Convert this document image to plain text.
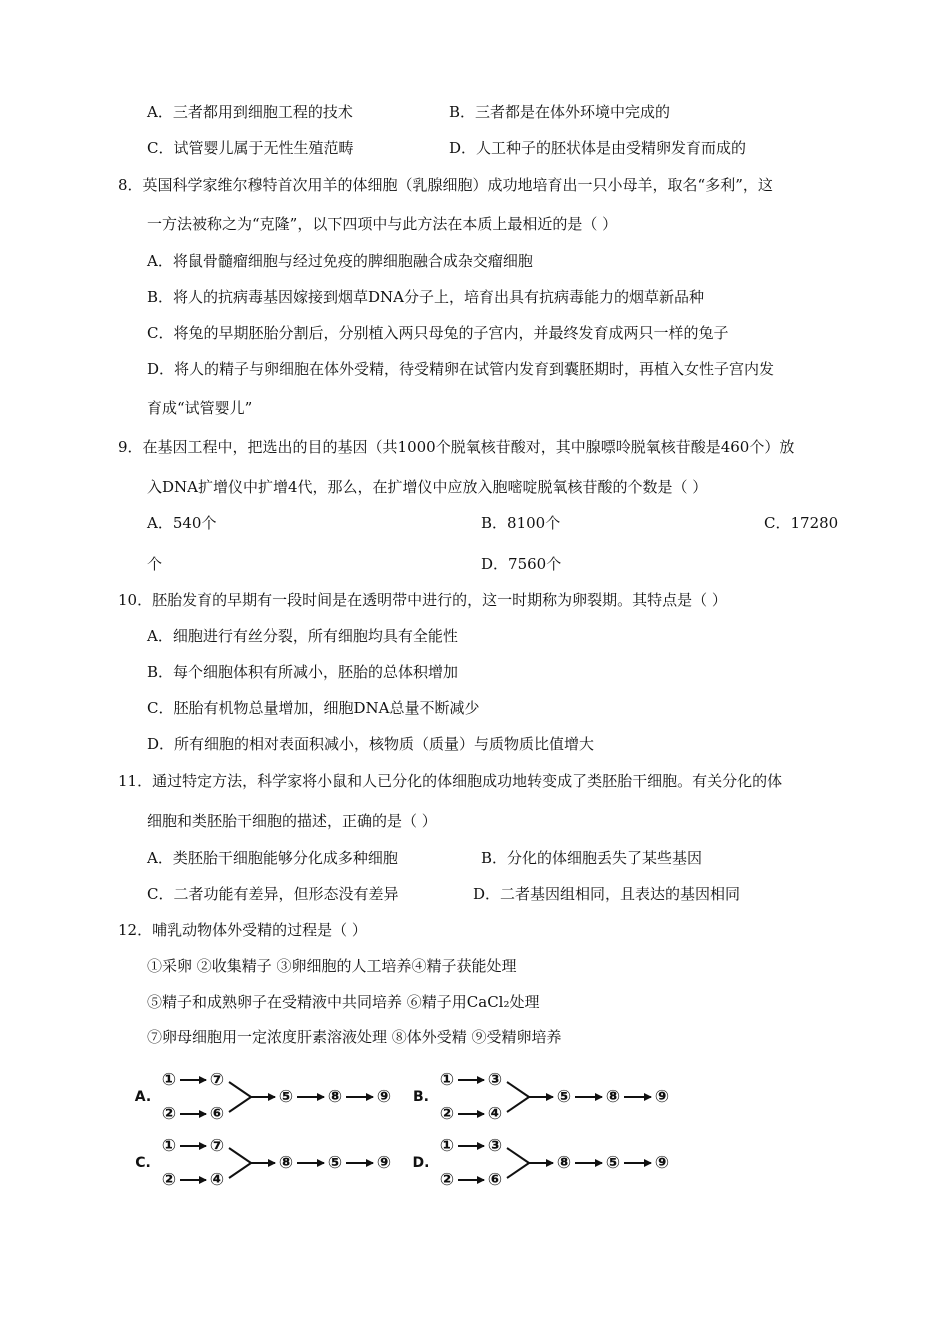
A．三者都用到细胞工程的技术	B．三者都是在体外环境中完成的
C．试管婴儿属于无性生殖范畴	D．人工种子的胚状体是由受精卵发育而成的
8．英国科学家维尔穆特首次用羊的体细胞（乳腺细胞）成功地培育出一只小母羊，取名“多利”，这
一方法被称之为“克隆”，以下四项中与此方法在本质上最相近的是（ ）
A．将鼠骨髓瘤细胞与经过免疫的脾细胞融合成杂交瘤细胞
B．将人的抗病毒基因嫁接到烟草DNA分子上，培育出具有抗病毒能力的烟草新品种
C．将兔的早期胚胎分割后，分别植入两只母兔的子宫内，并最终发育成两只一样的兔子
D．将人的精子与卵细胞在体外受精，待受精卵在试管内发育到囊胚期时，再植入女性子宫内发
育成“试管婴儿”
9．在基因工程中，把选出的目的基因（共1000个脱氧核苷酸对，其中腺嘌呤脱氧核苷酸是460个）放
入DNA扩增仪中扩增4代，那么，在扩增仪中应放入胞嘧啶脱氧核苷酸的个数是（ ）
A．540个	B．8100个	C．17280
个	D．7560个
10．胚胎发育的早期有一段时间是在透明带中进行的，这一时期称为卵裂期。其特点是（ ）
A．细胞进行有丝分裂，所有细胞均具有全能性
B．每个细胞体积有所减小，胚胎的总体积增加
C．胚胎有机物总量增加，细胞DNA总量不断减少
D．所有细胞的相对表面积减小，核物质（质量）与质物质比值增大
11．通过特定方法，科学家将小鼠和人已分化的体细胞成功地转变成了类胚胎干细胞。有关分化的体
细胞和类胚胎干细胞的描述，正确的是（ ）
A．类胚胎干细胞能够分化成多种细胞	B．分化的体细胞丢失了某些基因
C．二者功能有差异，但形态没有差异	D．二者基因组相同，且表达的基因相同
12．哺乳动物体外受精的过程是（ ）
①采卵 ②收集精子 ③卵细胞的人工培养④精子获能处理
⑤精子和成熟卵子在受精液中共同培养 ⑥精子用CaCl₂处理
⑦卵母细胞用一定浓度肝素溶液处理 ⑧体外受精 ⑨受精卵培养
A.
① ⑦
② ⑥
⑤ ⑧ ⑨ B.
① ③
② ④
⑤ ⑧ ⑨
C.
① ⑦
② ④
⑧ ⑤ ⑨ D.
① ③
② ⑥
⑧ ⑤ ⑨
